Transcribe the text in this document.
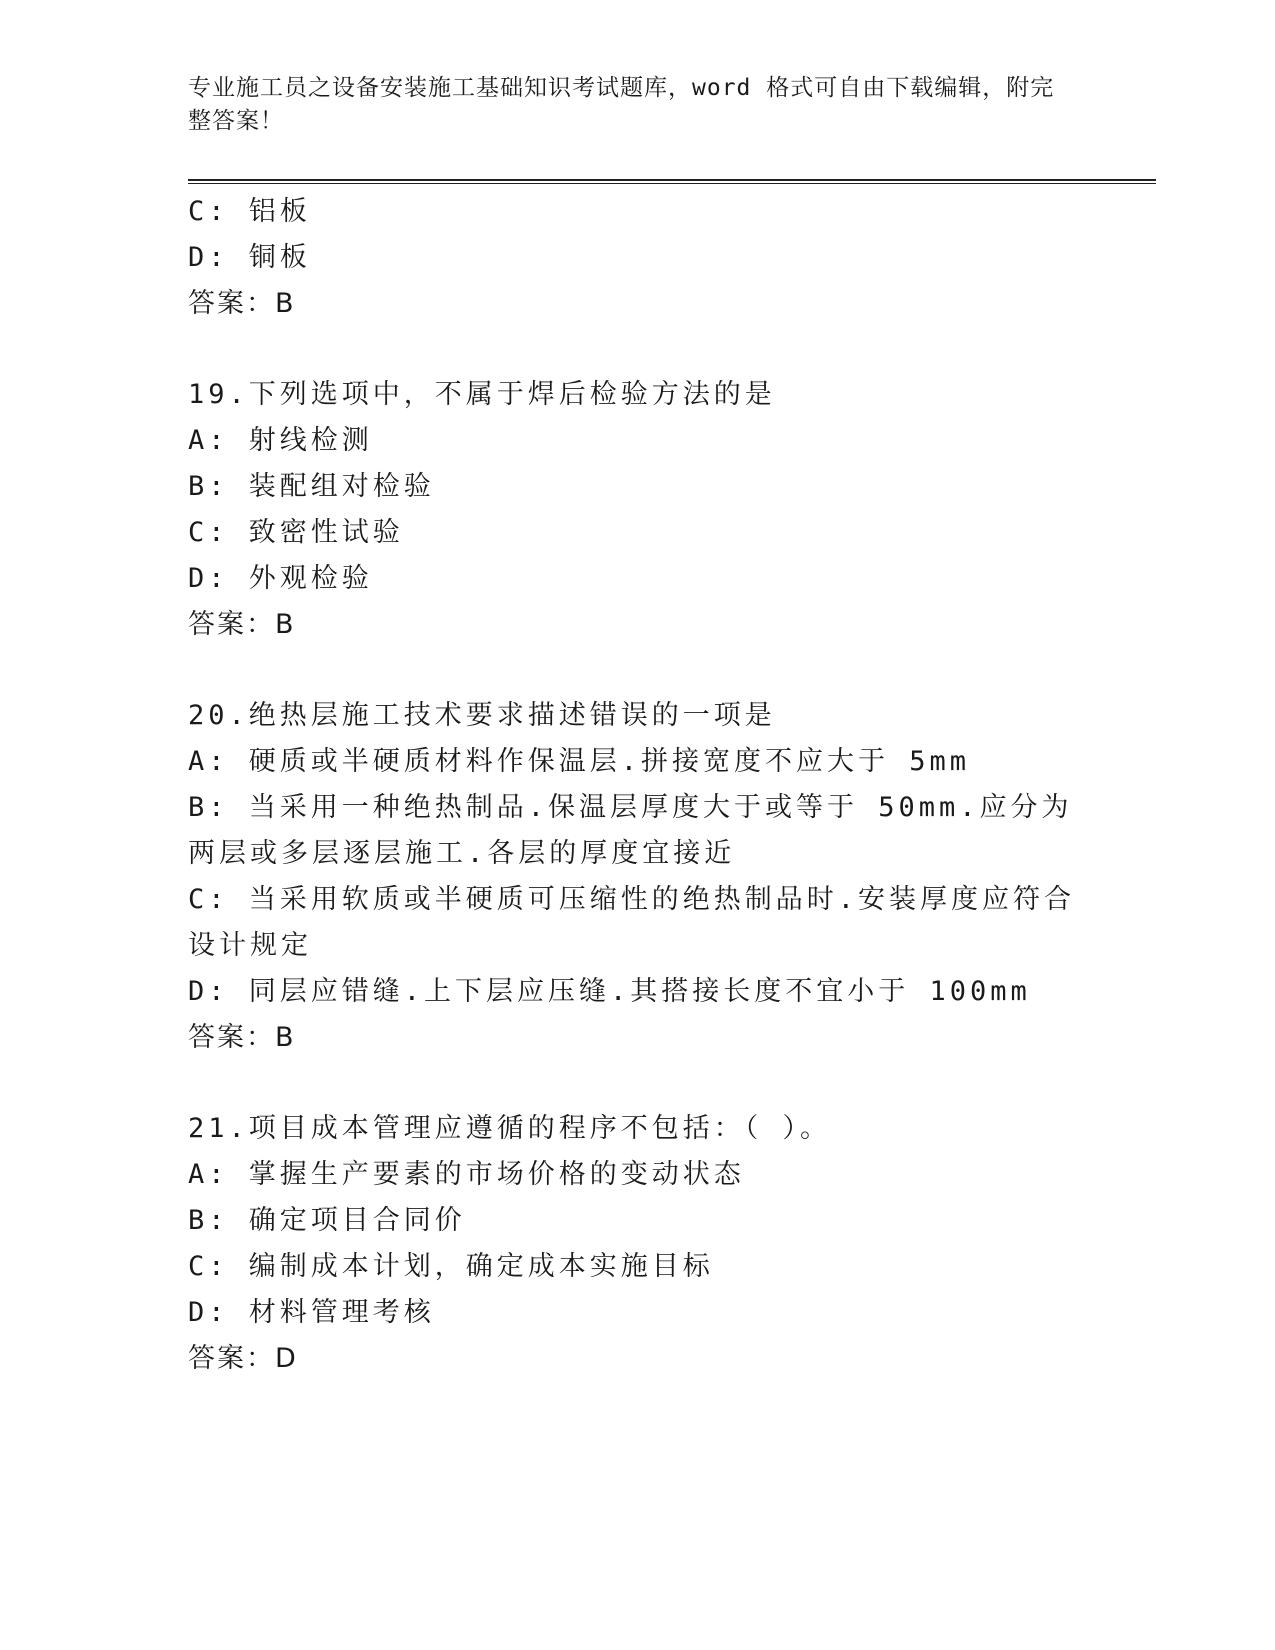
专业施工员之设备安装施工基础知识考试题库，word 格式可自由下载编辑，附完整答案！
C: 铝板
D: 铜板
答案：B
19.下列选项中，不属于焊后检验方法的是
A: 射线检测
B: 装配组对检验
C: 致密性试验
D: 外观检验
答案：B
20.绝热层施工技术要求描述错误的一项是
A: 硬质或半硬质材料作保温层.拼接宽度不应大于 5mm
B: 当采用一种绝热制品.保温层厚度大于或等于 50mm.应分为两层或多层逐层施工.各层的厚度宜接近
C: 当采用软质或半硬质可压缩性的绝热制品时.安装厚度应符合设计规定
D: 同层应错缝.上下层应压缝.其搭接长度不宜小于 100mm
答案：B
21.项目成本管理应遵循的程序不包括：（ ）。
A: 掌握生产要素的市场价格的变动状态
B: 确定项目合同价
C: 编制成本计划，确定成本实施目标
D: 材料管理考核
答案：D
